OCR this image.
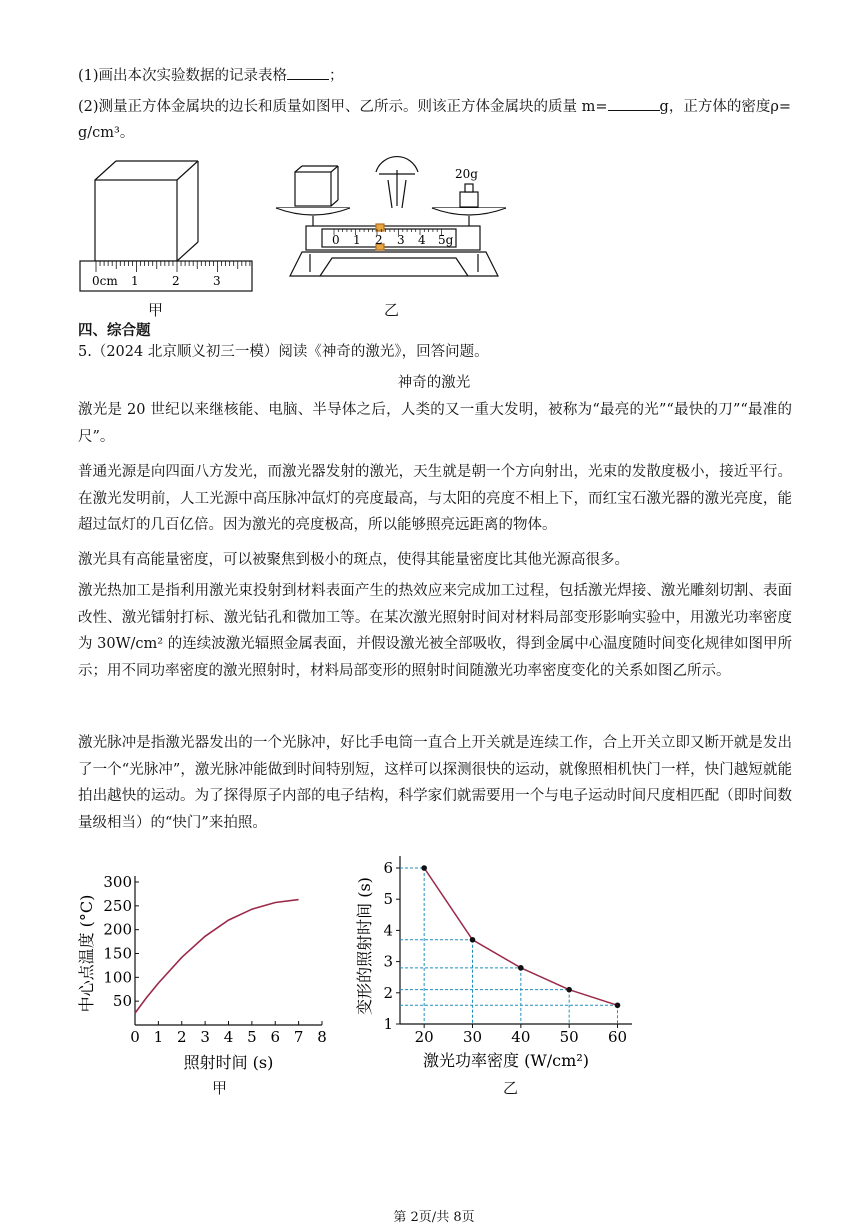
(1)画出本次实验数据的记录表格	；
(2)测量正方体金属块的边长和质量如图甲、乙所示。则该正方体金属块的质量 m=	g，正方体的密度ρ=
g/cm³。
0cm 1	2	3
20g
0 1 2 3 4 5g
甲	乙
四、综合题
5.（2024 北京顺义初三一模）阅读《神奇的激光》，回答问题。
神奇的激光
激光是 20 世纪以来继核能、电脑、半导体之后，人类的又一重大发明，被称为“最亮的光”“最快的刀”“最准的尺”。
普通光源是向四面八方发光，而激光器发射的激光，天生就是朝一个方向射出，光束的发散度极小，接近平行。在激光发明前，人工光源中高压脉冲氙灯的亮度最高，与太阳的亮度不相上下，而红宝石激光器的激光亮度，能超过氙灯的几百亿倍。因为激光的亮度极高，所以能够照亮远距离的物体。
激光具有高能量密度，可以被聚焦到极小的斑点，使得其能量密度比其他光源高很多。
激光热加工是指利用激光束投射到材料表面产生的热效应来完成加工过程，包括激光焊接、激光雕刻切割、表面改性、激光镭射打标、激光钻孔和微加工等。在某次激光照射时间对材料局部变形影响实验中，用激光功率密度为 30W/cm² 的连续波激光辐照金属表面，并假设激光被全部吸收，得到金属中心温度随时间变化规律如图甲所示；用不同功率密度的激光照射时，材料局部变形的照射时间随激光功率密度变化的关系如图乙所示。
激光脉冲是指激光器发出的一个光脉冲，好比手电筒一直合上开关就是连续工作，合上开关立即又断开就是发出了一个“光脉冲”，激光脉冲能做到时间特别短，这样可以探测很快的运动，就像照相机快门一样，快门越短就能拍出越快的运动。为了探得原子内部的电子结构，科学家们就需要用一个与电子运动时间尺度相匹配（即时间数量级相当）的“快门”来拍照。
0 1 2 3 4 5 6 7 8
50
100
150
200
250
300
照射时间 (s)
中心点温度 (°C)
20 30 40 50 60
1
2
3
4
5
6
激光功率密度 (W/cm²)
变形的照射时间 (s)
甲	乙
第 2页/共 8页
